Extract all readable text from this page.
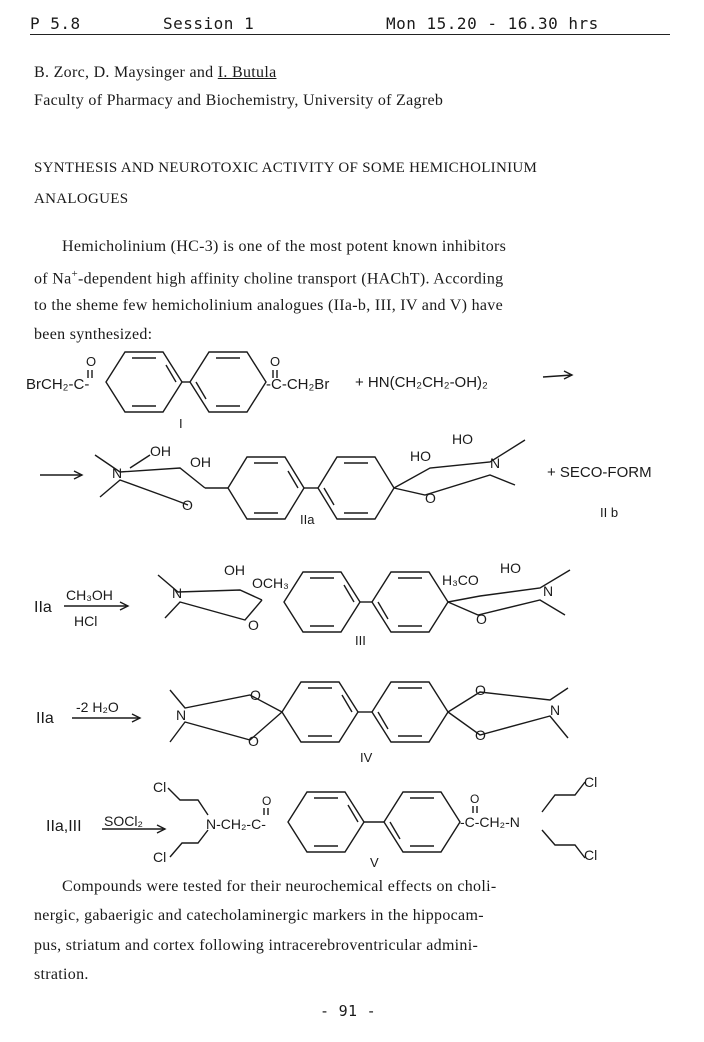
P 5.8	Session 1	Mon 15.20 - 16.30 hrs
B. Zorc, D. Maysinger and I. Butula
Faculty of Pharmacy and Biochemistry, University of Zagreb
SYNTHESIS AND NEUROTOXIC ACTIVITY OF SOME HEMICHOLINIUM
ANALOGUES
Hemicholinium (HC-3) is one of the most potent known inhibitors
of Na+-dependent high affinity choline transport (HAChT). According
to the sheme few hemicholinium analogues (IIa-b, III, IV and V) have
been synthesized:
BrCH₂-C-
O
-C-CH₂Br
O
+ HN(CH₂CH₂-OH)₂
I
N
O
OH
OH	HO
HO
N
O
+ SECO-FORM
IIa	II b
IIa
CH₃OH
HCl
N
O
OH
OCH₃	H₃CO
HO
N
O
III
IIa
-2 H₂O	N
O
O
O
O
N
IV
IIa,III SOCl₂
Cl
Cl
N-CH₂-C-
O
-C-CH₂-N
O
Cl
Cl
V
Compounds were tested for their neurochemical effects on choli-
nergic, gabaerigic and catecholaminergic markers in the hippocam-
pus, striatum and cortex following intracerebroventricular admini-
stration.
- 91 -
